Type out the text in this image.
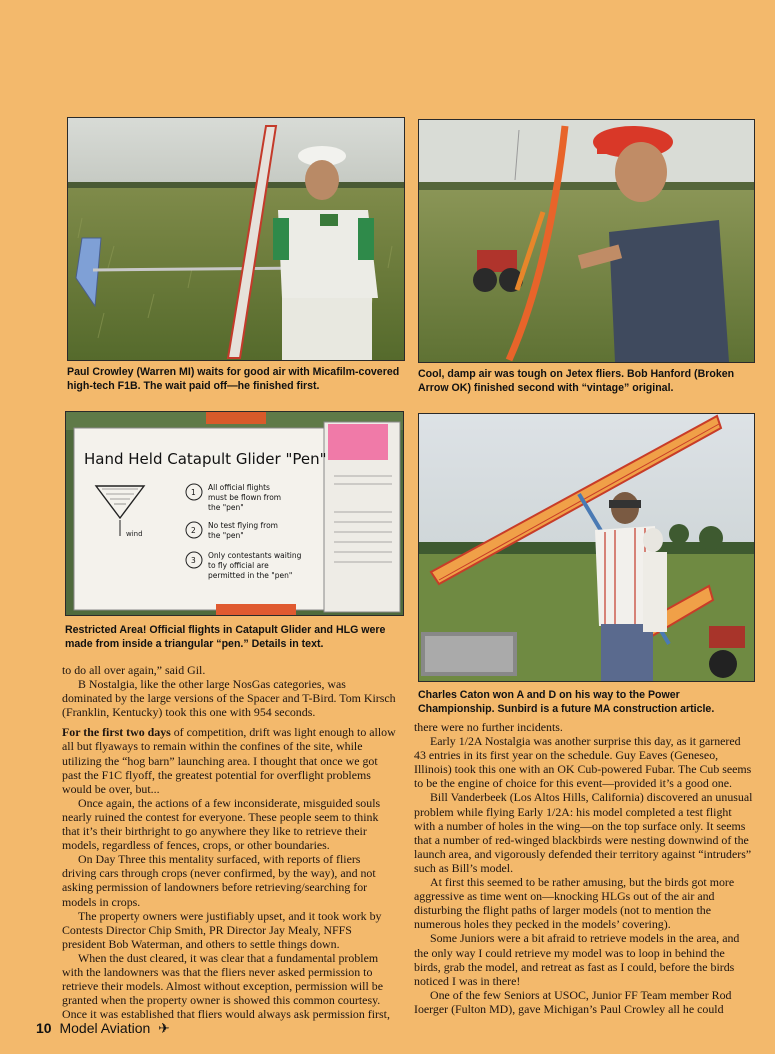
Paul Crowley (Warren MI) waits for good air with Micafilm-covered high-tech F1B. The wait paid off—he finished first.
Cool, damp air was tough on Jetex fliers. Bob Hanford (Broken Arrow OK) finished second with “vintage” original.
Hand Held Catapult Glider "Pen"
wind
1
All official flights
must be flown from
the "pen"
2
No test flying from
the "pen"
3
Only contestants waiting
to fly official are
permitted in the "pen"
Restricted Area! Official flights in Catapult Glider and HLG were made from inside a triangular “pen.” Details in text.
Charles Caton won A and D on his way to the Power Championship. Sunbird is a future MA construction article.

to do all over again,” said Gil.

B Nostalgia, like the other large NosGas categories, was dominated by the large versions of the Spacer and T-Bird. Tom Kirsch (Franklin, Kentucky) took this one with 954 seconds.

For the first two days of competition, drift was light enough to allow all but flyaways to remain within the confines of the site, while utilizing the “hog barn” launching area. I thought that once we got past the F1C flyoff, the greatest potential for overflight problems would be over, but...

Once again, the actions of a few inconsiderate, misguided souls nearly ruined the contest for everyone. These people seem to think that it’s their birthright to go anywhere they like to retrieve their models, regardless of fences, crops, or other boundaries.

On Day Three this mentality surfaced, with reports of fliers driving cars through crops (never confirmed, by the way), and not asking permission of landowners before retrieving/searching for models in crops.

The property owners were justifiably upset, and it took work by Contests Director Chip Smith, PR Director Jay Mealy, NFFS president Bob Waterman, and others to settle things down.

When the dust cleared, it was clear that a fundamental problem with the landowners was that the fliers never asked permission to retrieve their models. Almost without exception, permission will be granted when the property owner is showed this common courtesy. Once it was established that fliers would always ask permission first,

there were no further incidents.

Early 1/2A Nostalgia was another surprise this day, as it garnered 43 entries in its first year on the schedule. Guy Eaves (Geneseo, Illinois) took this one with an OK Cub-powered Fubar. The Cub seems to be the engine of choice for this event—provided it’s a good one.

Bill Vanderbeek (Los Altos Hills, California) discovered an unusual problem while flying Early 1/2A: his model completed a test flight with a number of holes in the wing—on the top surface only. It seems that a number of red-winged blackbirds were nesting downwind of the launch area, and vigorously defended their territory against “intruders” such as Bill’s model.

At first this seemed to be rather amusing, but the birds got more aggressive as time went on—knocking HLGs out of the air and disturbing the flight paths of larger models (not to mention the numerous holes they pecked in the models’ covering).

Some Juniors were a bit afraid to retrieve models in the area, and the only way I could retrieve my model was to loop in behind the birds, grab the model, and retreat as fast as I could, before the birds noticed I was in there!

One of the few Seniors at USOC, Junior FF Team member Rod Ioerger (Fulton MD), gave Michigan’s Paul Crowley all he could

10 Model Aviation ✈
